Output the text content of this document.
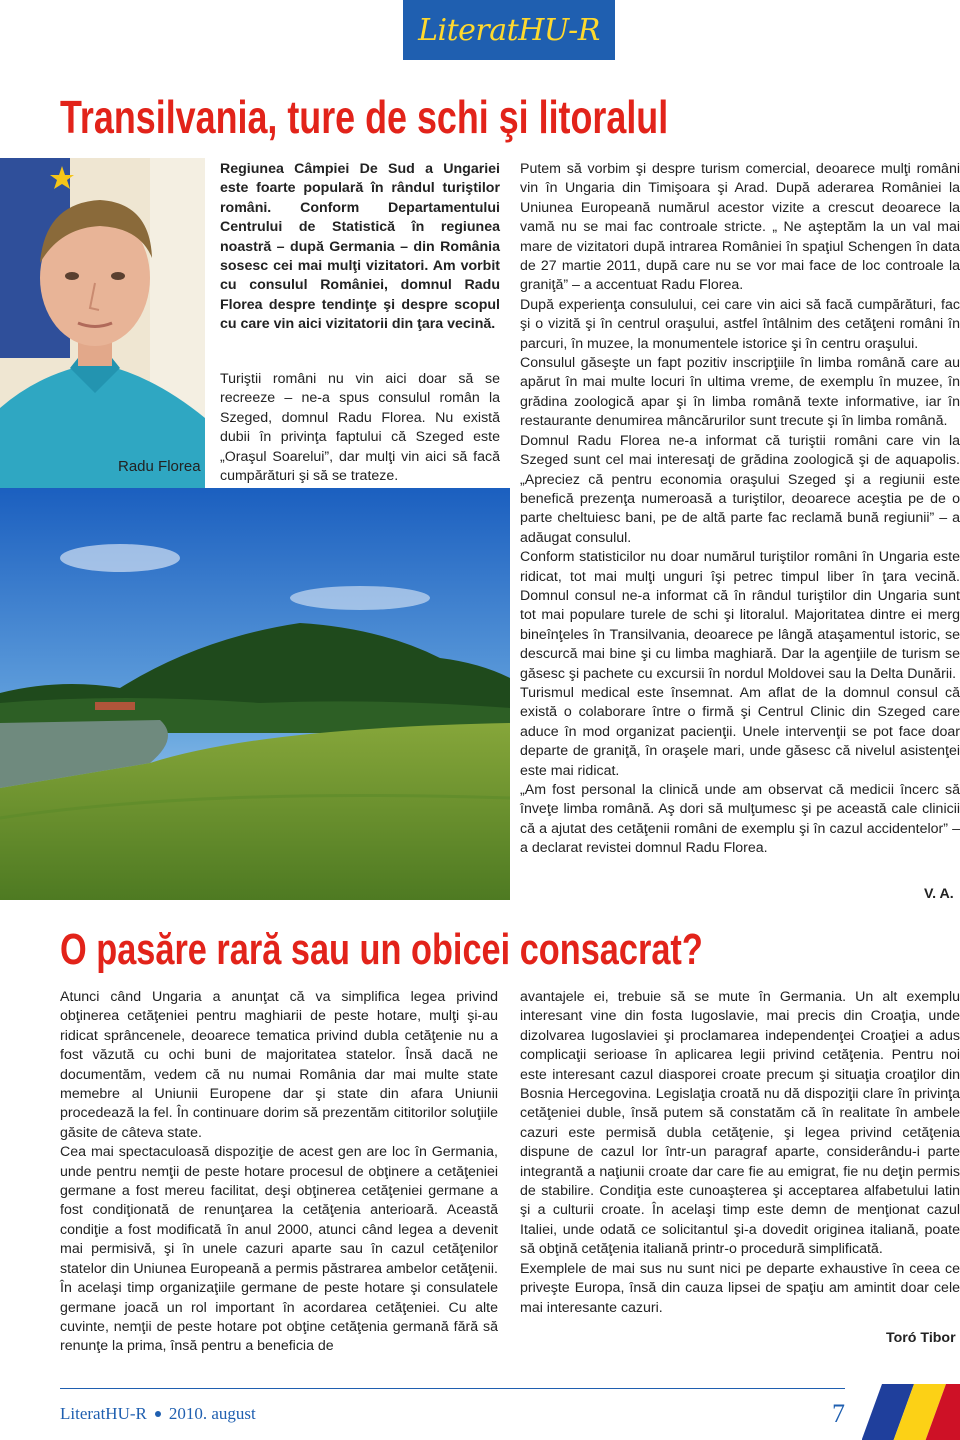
LiteratHU-R
Transilvania, ture de schi şi litoralul
Radu Florea

Regiunea Câmpiei De Sud a Ungariei este foarte populară în rândul turiştilor români. Conform Departamentului Centrului de Statistică în regiunea noastră – după Germania – din România sosesc cei mai mulţi vizitatori. Am vorbit cu consulul României, domnul Radu Florea despre tendinţe şi despre scopul cu care vin aici vizitatorii din ţara vecină.

Turiştii români nu vin aici doar să se recreeze – ne-a spus consulul român la Szeged, domnul Radu Florea. Nu există dubii în privinţa faptului că Szeged este „Oraşul Soarelui”, dar mulţi vin aici să facă cumpărături şi să se trateze.

Putem să vorbim şi despre turism comercial, deoarece mulţi români vin în Ungaria din Timişoara şi Arad. După aderarea României la Uniunea Europeană numărul acestor vizite a crescut deoarece la vamă nu se mai fac controale stricte. „ Ne aşteptăm la un val mai mare de vizitatori după intrarea României în spaţiul Schengen în data de 27 martie 2011, după care nu se vor mai face de loc controale la graniţă” – a accentuat Radu Florea.

După experienţa consulului, cei care vin aici să facă cumpărături, fac şi o vizită şi în centrul oraşului, astfel întâlnim des cetăţeni români în parcuri, în muzee, la monumentele istorice şi în centru oraşului.

Consulul găseşte un fapt pozitiv inscripţiile în limba română care au apărut în mai multe locuri în ultima vreme, de exemplu în muzee, în grădina zoologică apar şi în limba română texte informative, iar în restaurante denumirea mâncărurilor sunt trecute şi în limba română.

Domnul Radu Florea ne-a informat că turiştii români care vin la Szeged sunt cel mai interesaţi de grădina zoologică şi de aquapolis. „Apreciez că pentru economia oraşului Szeged şi a regiunii este benefică prezenţa numeroasă a turiştilor, deoarece aceştia pe de o parte cheltuiesc bani, pe de altă parte fac reclamă bună regiunii” – a adăugat consulul.

Conform statisticilor nu doar numărul turiştilor români în Ungaria este ridicat, tot mai mulţi unguri îşi petrec timpul liber în ţara vecină. Domnul consul ne-a informat că în rândul turiştilor din Ungaria sunt tot mai populare turele de schi şi litoralul. Majoritatea dintre ei merg bineînţeles în Transilvania, deoarece pe lângă ataşamentul istoric, se descurcă mai bine şi cu limba maghiară. Dar la agenţiile de turism se găsesc şi pachete cu excursii în nordul Moldovei sau la Delta Dunării.

Turismul medical este însemnat. Am aflat de la domnul consul că există o colaborare între o firmă şi Centrul Clinic din Szeged care aduce în mod organizat pacienţii. Unele intervenţii se pot face doar departe de graniţă, în oraşele mari, unde găsesc că nivelul asistenţei este mai ridicat.

„Am fost personal la clinică unde am observat că medicii încerc să înveţe limba română. Aş dori să mulţumesc şi pe această cale clinicii că a ajutat des cetăţenii români de exemplu şi în cazul accidentelor” – a declarat revistei domnul Radu Florea.

V. A.
O pasăre rară sau un obicei consacrat?

Atunci când Ungaria a anunţat că va simplifica legea privind obţinerea cetăţeniei pentru maghiarii de peste hotare, mulţi şi-au ridicat sprâncenele, deoarece tematica privind dubla cetăţenie nu a fost văzută cu ochi buni de majoritatea statelor. Însă dacă ne documentăm, vedem că nu numai România dar mai multe state memebre al Uniunii Europene dar şi state din afara Uniunii procedează la fel. În continuare dorim să prezentăm cititorilor soluţiile găsite de câteva state.

Cea mai spectaculoasă dispoziţie de acest gen are loc în Germania, unde pentru nemţii de peste hotare procesul de obţinere a cetăţeniei germane a fost mereu facilitat, deşi obţinerea cetăţeniei germane a fost condiţionată de renunţarea la cetăţenia anterioară. Această condiţie a fost modificată în anul 2000, atunci când legea a devenit mai permisivă, şi în unele cazuri aparte sau în cazul cetăţenilor statelor din Uniunea Europeană a permis păstrarea ambelor cetăţenii. În acelaşi timp organizaţiile germane de peste hotare şi consulatele germane joacă un rol important în acordarea cetăţeniei. Cu alte cuvinte, nemţii de peste hotare pot obţine cetăţenia germană fără să renunţe la prima, însă pentru a beneficia de

avantajele ei, trebuie să se mute în Germania. Un alt exemplu interesant vine din fosta Iugoslavie, mai precis din Croaţia, unde dizolvarea Iugoslaviei şi proclamarea independenţei Croaţiei a adus complicaţii serioase în aplicarea legii privind cetăţenia. Pentru noi este interesant cazul diasporei croate precum şi situaţia croaţilor din Bosnia Hercegovina. Legislaţia croată nu dă dispoziţii clare în privinţa cetăţeniei duble, însă putem să constatăm că în realitate în ambele cazuri este permisă dubla cetăţenie, şi legea privind cetăţenia dispune de cazul lor într-un paragraf aparte, considerându-i parte integrantă a naţiunii croate dar care fie au emigrat, fie nu deţin permis de stabilire. Condiţia este cunoaşterea şi acceptarea alfabetului latin şi a culturii croate. În acelaşi timp este demn de menţionat cazul Italiei, unde odată ce solicitantul şi-a dovedit originea italiană, poate să obţină cetăţenia italiană printr-o procedură simplificată.

Exemplele de mai sus nu sunt nici pe departe exhaustive în ceea ce priveşte Europa, însă din cauza lipsei de spaţiu am amintit doar cele mai interesante cazuri.

Toró Tibor
LiteratHU-R 2010. august	7
